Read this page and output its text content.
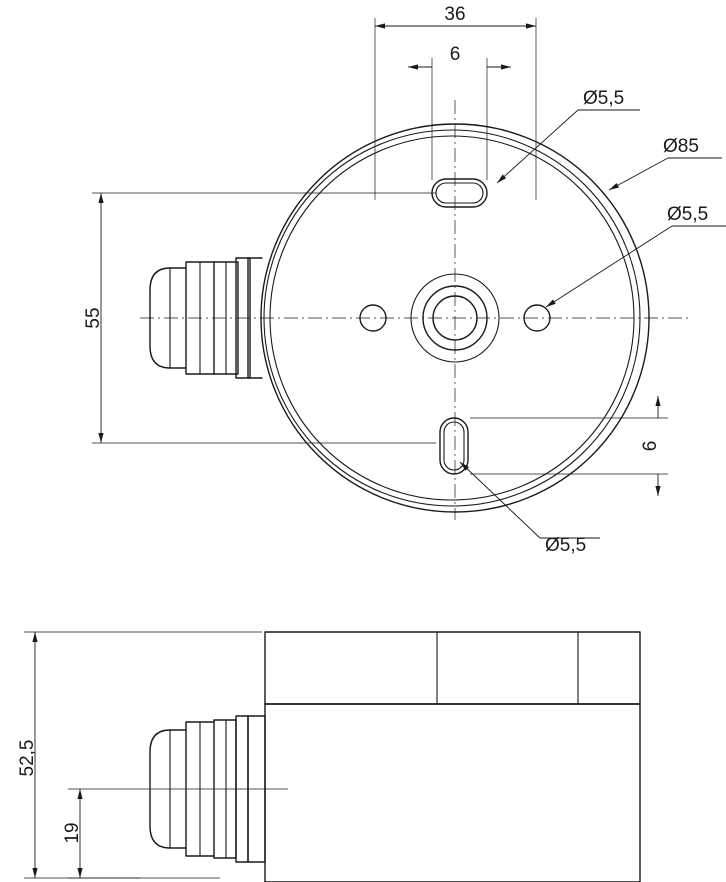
36
6
Ø5,5
Ø85
Ø5,5
55
6
Ø5,5
52,5
19
